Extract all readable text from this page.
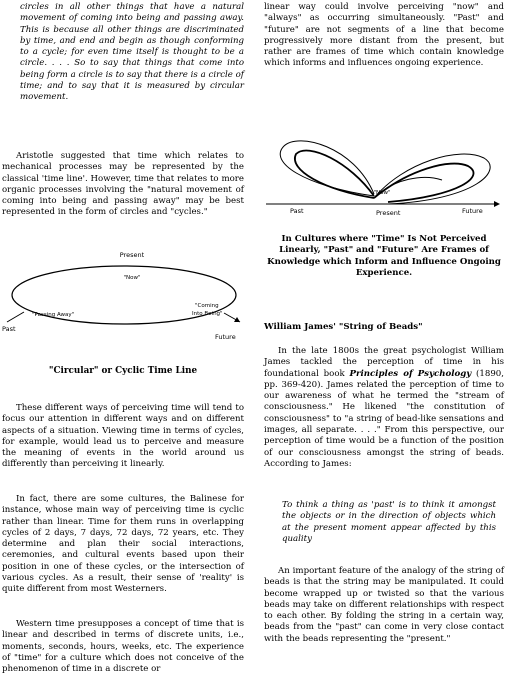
circles in all other things that have a natural movement of coming into being and passing away. This is because all other things are discriminated by time, and end and begin as though conforming to a cycle; for even time itself is thought to be a circle. . . . So to say that things that come into being form a circle is to say that there is a circle of time; and to say that it is measured by circular movement.

Aristotle suggested that time which relates to mechanical processes may be represented by the classical 'time line'. However, time that relates to more organic processes involving the "natural movement of coming into being and passing away" may be best represented in the form of circles and "cycles."

Present
"Now"
"Passing Away"
"Coming
Into Being"
Past
Future

"Circular" or Cyclic Time Line

These different ways of perceiving time will tend to focus our attention in different ways and on different aspects of a situation. Viewing time in terms of cycles, for example, would lead us to perceive and measure the meaning of events in the world around us differently than perceiving it linearly.

In fact, there are some cultures, the Balinese for instance, whose main way of perceiving time is cyclic rather than linear. Time for them runs in overlapping cycles of 2 days, 7 days, 72 days, 72 years, etc. They determine and plan their social interactions, ceremonies, and cultural events based upon their position in one of these cycles, or the intersection of various cycles. As a result, their sense of 'reality' is quite different from most Westerners.

Western time presupposes a concept of time that is linear and described in terms of discrete units, i.e., moments, seconds, hours, weeks, etc. The experience of "time" for a culture which does not conceive of the phenomenon of time in a discrete or

linear way could involve perceiving "now" and "always" as occurring simultaneously. "Past" and "future" are not segments of a line that become progressively more distant from the present, but rather are frames of time which contain knowledge which informs and influences ongoing experience.

"Now"
Past	Present	Future

In Cultures where "Time" Is Not Perceived Linearly, "Past" and "Future" Are Frames of Knowledge which Inform and Influence Ongoing Experience.

William James' "String of Beads"

In the late 1800s the great psychologist William James tackled the perception of time in his foundational book Principles of Psychology (1890, pp. 369-420). James related the perception of time to our awareness of what he termed the "stream of consciousness." He likened "the constitution of consciousness" to "a string of bead-like sensations and images, all separate. . . ." From this perspective, our perception of time would be a function of the position of our consciousness amongst the string of beads. According to James:

To think a thing as 'past' is to think it amongst the objects or in the direction of objects which at the present moment appear affected by this quality

An important feature of the analogy of the string of beads is that the string may be manipulated. It could become wrapped up or twisted so that the various beads may take on different relationships with respect to each other. By folding the string in a certain way, beads from the "past" can come in very close contact with the beads representing the "present."
